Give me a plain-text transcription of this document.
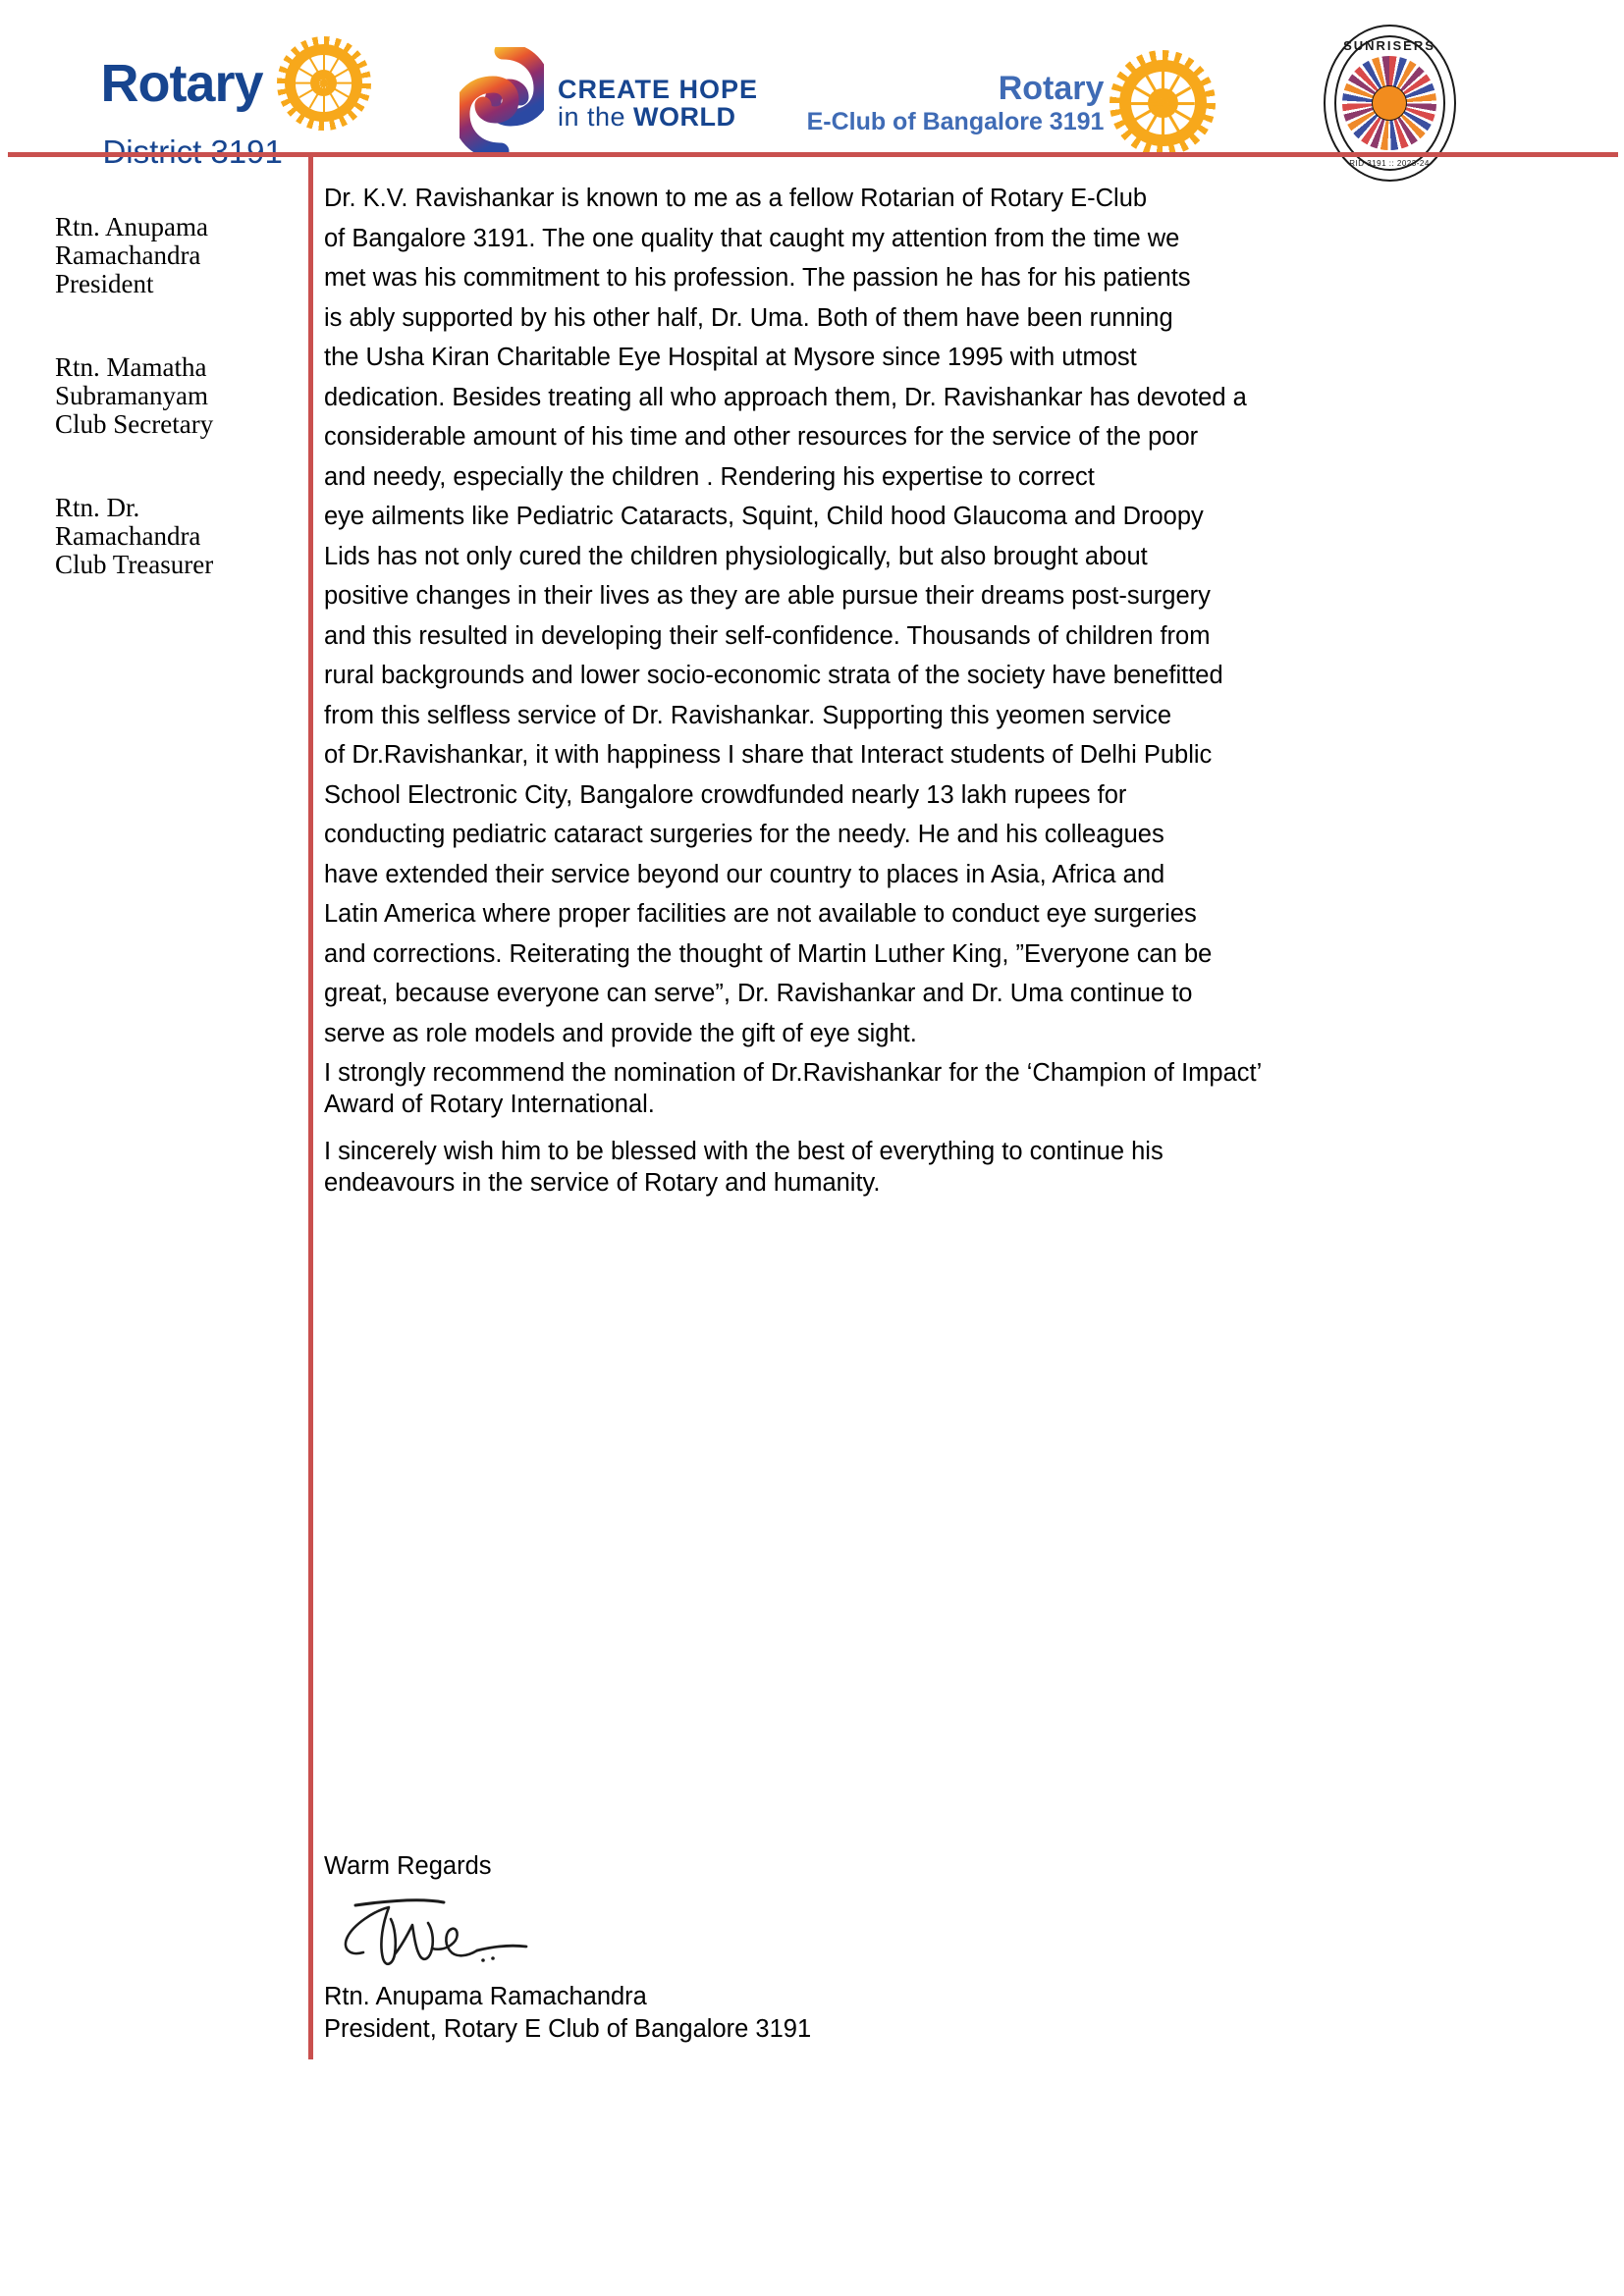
Rotary	CREATE HOPE
in the WORLD
Rotary
E-Club of Bangalore 3191
SUNRISERS
RID 3191 :: 2023-24
Rtn. Anupama
Ramachandra
President
Rtn. Mamatha
Subramanyam
Club Secretary
Rtn. Dr.
Ramachandra
Club Treasurer
Dr. K.V. Ravishankar is known to me as a fellow Rotarian of Rotary E-Club
of Bangalore 3191. The one quality that caught my attention from the time we
met was his commitment to his profession. The passion he has for his patients
is ably supported by his other half, Dr. Uma. Both of them have been running
the Usha Kiran Charitable Eye Hospital at Mysore since 1995 with utmost
dedication. Besides treating all who approach them, Dr. Ravishankar has devoted a
considerable amount of his time and other resources for the service of the poor
and needy, especially the children . Rendering his expertise to correct
eye ailments like Pediatric Cataracts, Squint, Child hood Glaucoma and Droopy
Lids has not only cured the children physiologically, but also brought about
positive changes in their lives as they are able pursue their dreams post-surgery
and this resulted in developing their self-confidence. Thousands of children from
rural backgrounds and lower socio-economic strata of the society have benefitted
from this selfless service of Dr. Ravishankar. Supporting this yeomen service
of Dr.Ravishankar, it with happiness I share that Interact students of Delhi Public
School Electronic City, Bangalore crowdfunded nearly 13 lakh rupees for
conducting pediatric cataract surgeries for the needy. He and his colleagues
have extended their service beyond our country to places in Asia, Africa and
Latin America where proper facilities are not available to conduct eye surgeries
and corrections. Reiterating the thought of Martin Luther King, ”Everyone can be
great, because everyone can serve”, Dr. Ravishankar and Dr. Uma continue to
serve as role models and provide the gift of eye sight.
I strongly recommend the nomination of Dr.Ravishankar for the ‘Champion of Impact’
Award of Rotary International.
I sincerely wish him to be blessed with the best of everything to continue his
endeavours in the service of Rotary and humanity.
Warm Regards
Rtn. Anupama Ramachandra
President, Rotary E Club of Bangalore 3191
